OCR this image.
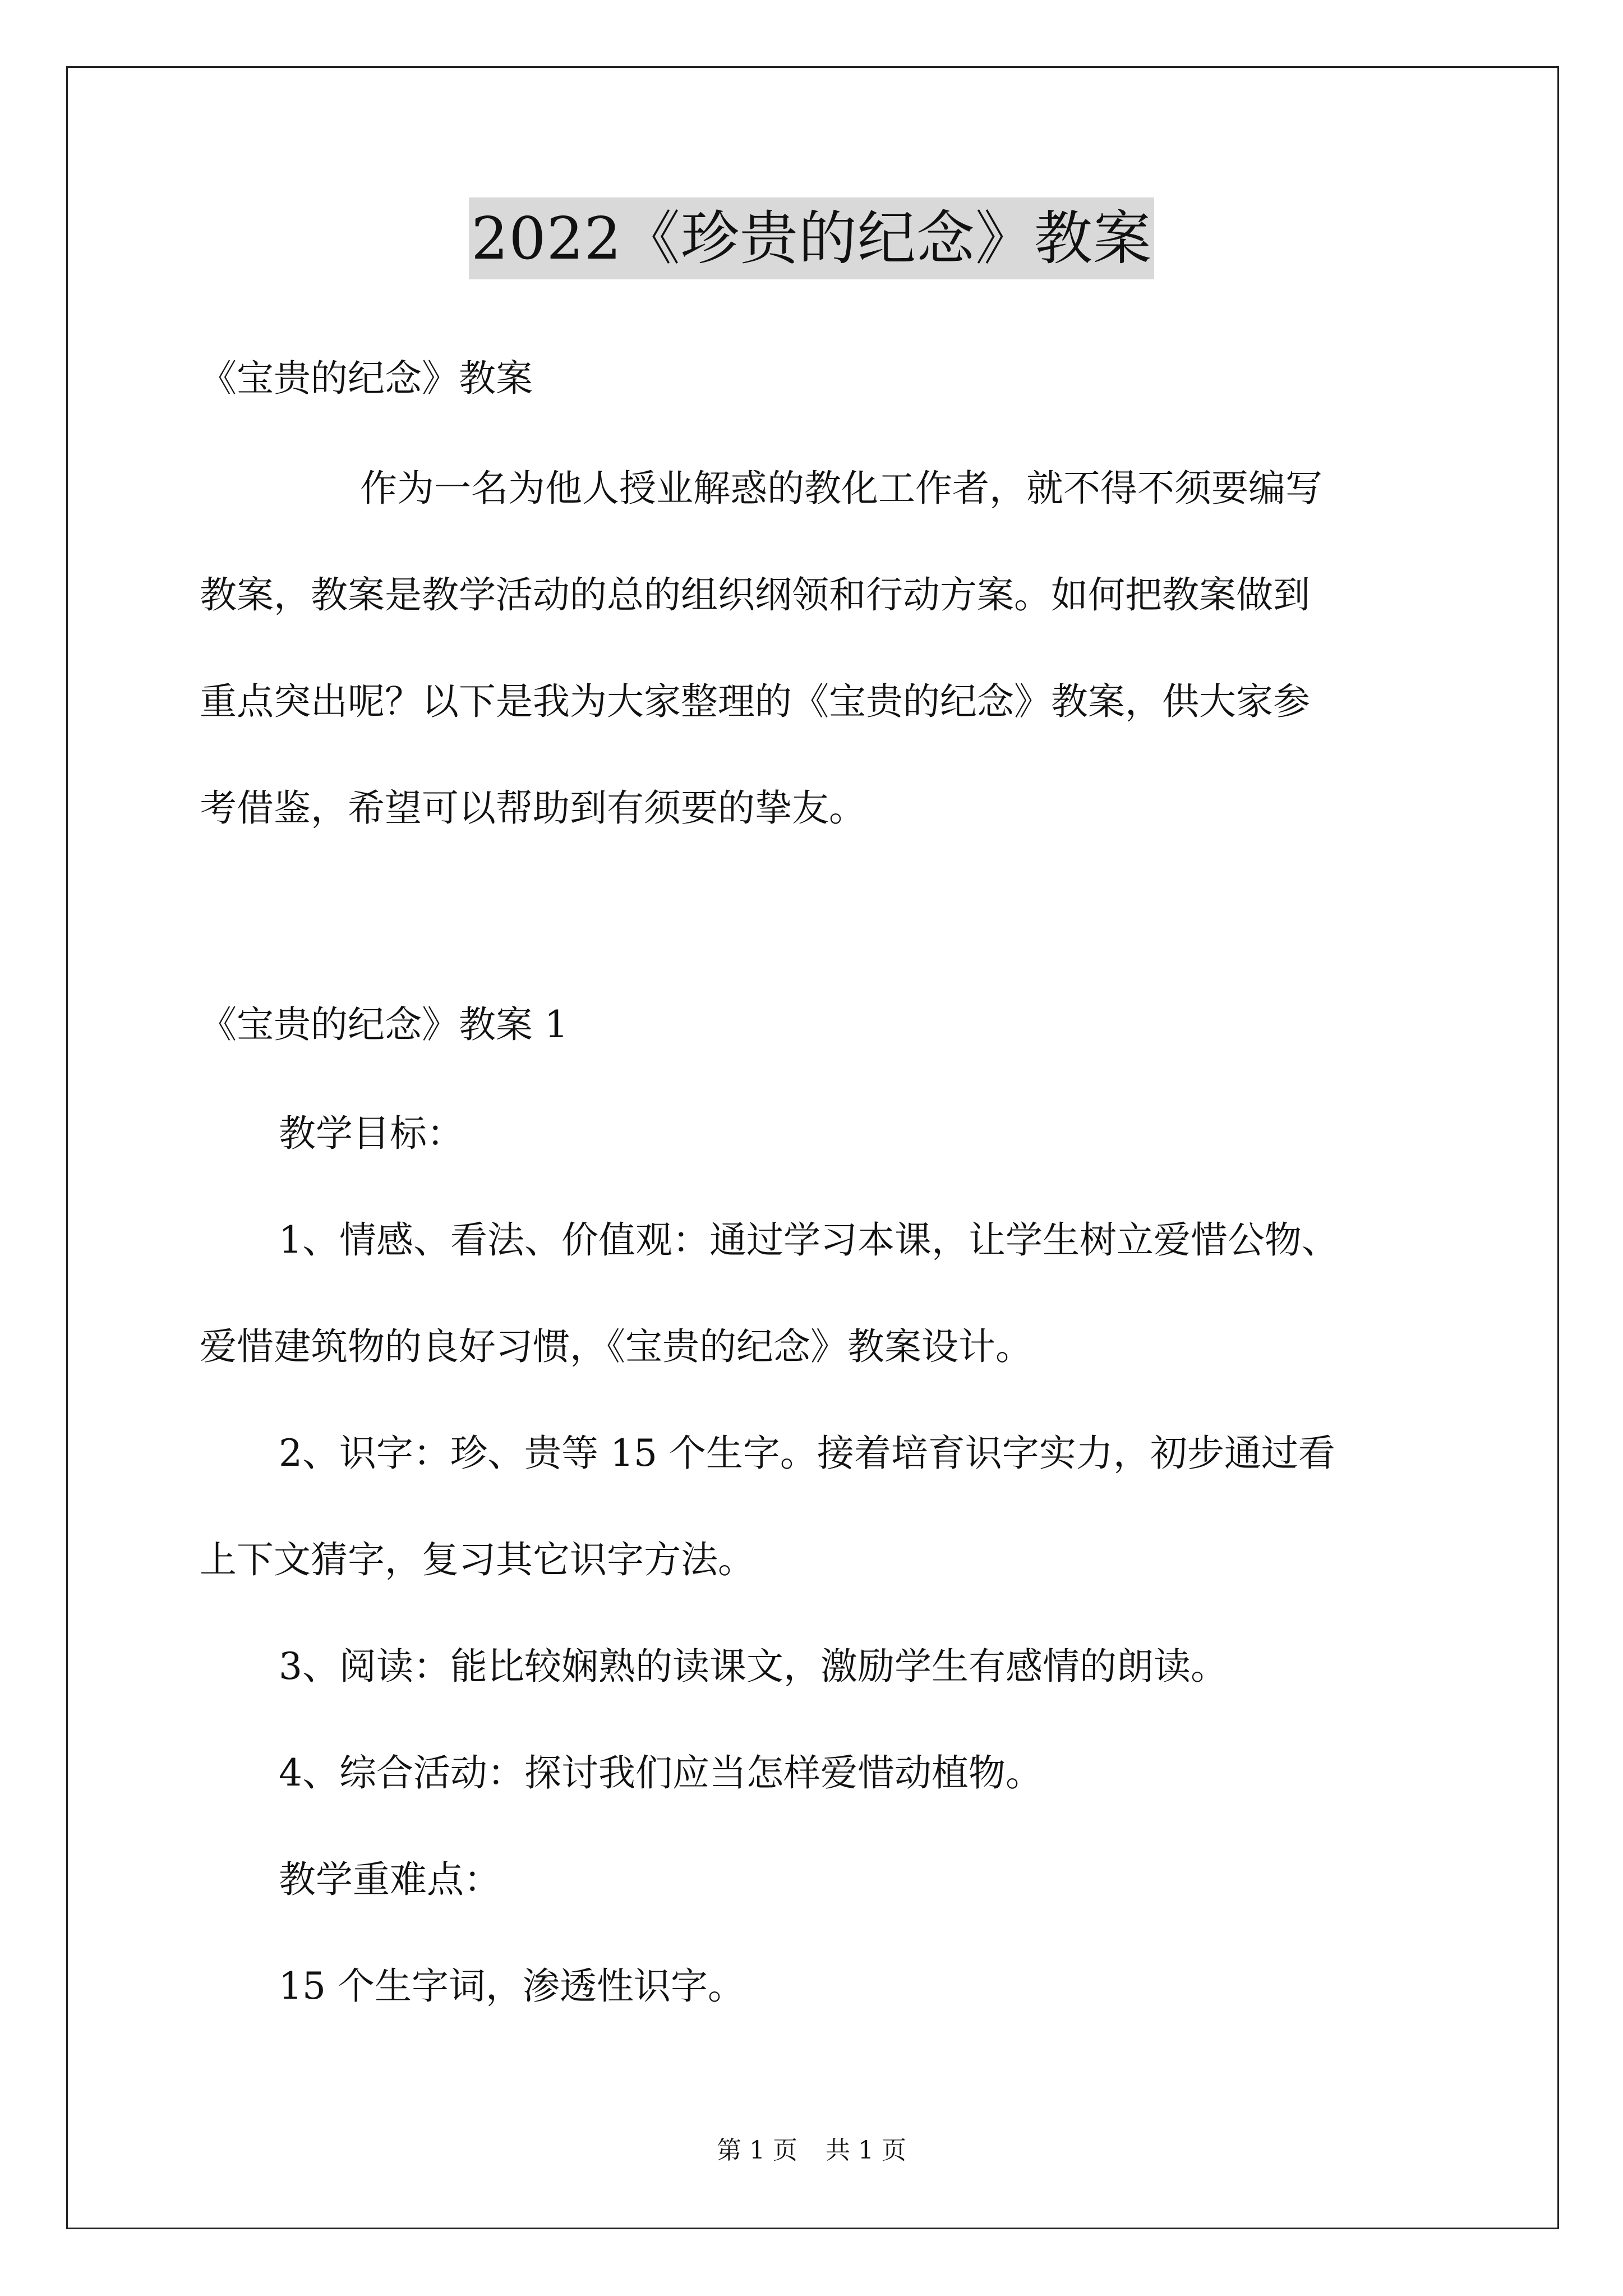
2022《珍贵的纪念》教案
《宝贵的纪念》教案
作为一名为他人授业解惑的教化工作者，就不得不须要编写
教案，教案是教学活动的总的组织纲领和行动方案。如何把教案做到
重点突出呢？以下是我为大家整理的《宝贵的纪念》教案，供大家参
考借鉴，希望可以帮助到有须要的挚友。
《宝贵的纪念》教案 1
教学目标：
1、情感、看法、价值观：通过学习本课，让学生树立爱惜公物、
爱惜建筑物的良好习惯，《宝贵的纪念》教案设计。
2、识字：珍、贵等 15 个生字。接着培育识字实力，初步通过看
上下文猜字，复习其它识字方法。
3、阅读：能比较娴熟的读课文，激励学生有感情的朗读。
4、综合活动：探讨我们应当怎样爱惜动植物。
教学重难点：
15 个生字词，渗透性识字。
第 1 页 共 1 页
